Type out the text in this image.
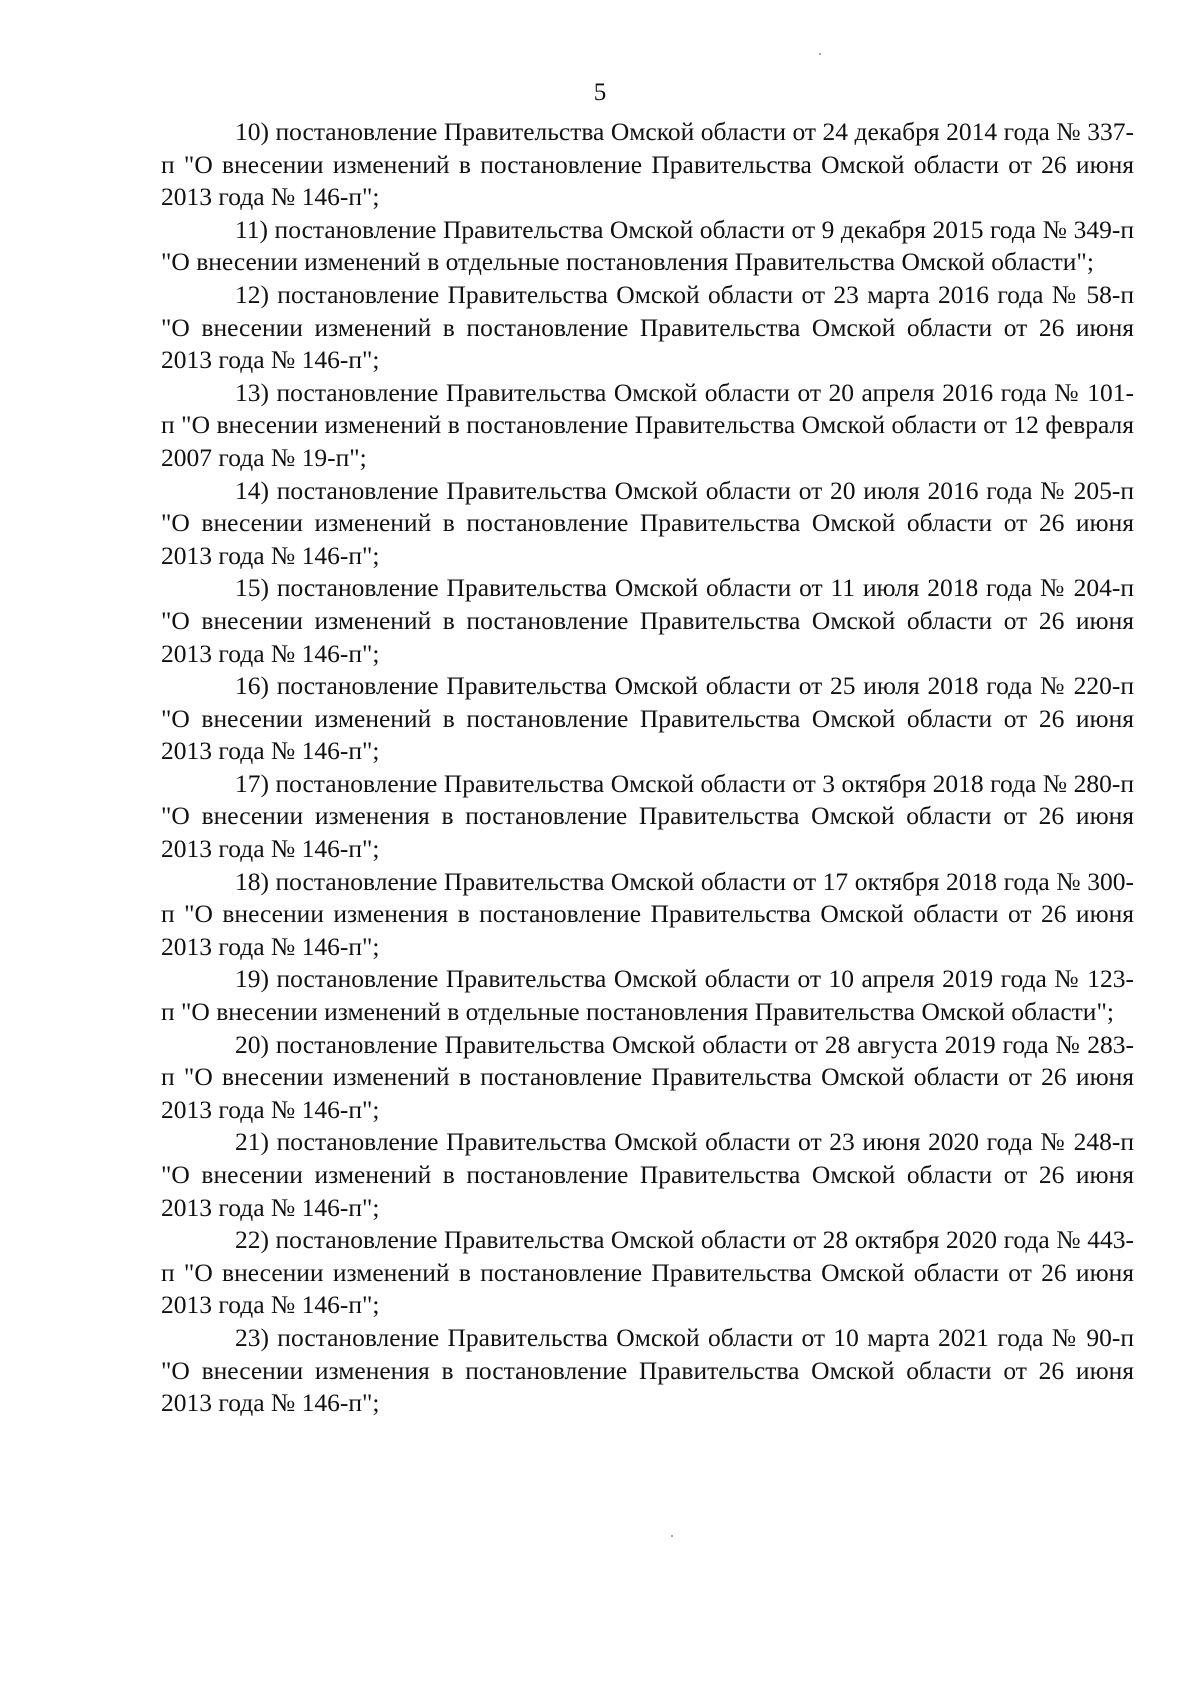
5

10) постановление Правительства Омской области от 24 декабря 2014 года № 337-п "О внесении изменений в постановление Правительства Омской области от 26 июня 2013 года № 146-п";

11) постановление Правительства Омской области от 9 декабря 2015 года № 349-п "О внесении изменений в отдельные постановления Правительства Омской области";

12) постановление Правительства Омской области от 23 марта 2016 года № 58-п "О внесении изменений в постановление Правительства Омской области от 26 июня 2013 года № 146-п";

13) постановление Правительства Омской области от 20 апреля 2016 года № 101-п "О внесении изменений в постановление Правительства Омской области от 12 февраля 2007 года № 19-п";

14) постановление Правительства Омской области от 20 июля 2016 года № 205-п "О внесении изменений в постановление Правительства Омской области от 26 июня 2013 года № 146-п";

15) постановление Правительства Омской области от 11 июля 2018 года № 204-п "О внесении изменений в постановление Правительства Омской области от 26 июня 2013 года № 146-п";

16) постановление Правительства Омской области от 25 июля 2018 года № 220-п "О внесении изменений в постановление Правительства Омской области от 26 июня 2013 года № 146-п";

17) постановление Правительства Омской области от 3 октября 2018 года № 280-п "О внесении изменения в постановление Правительства Омской области от 26 июня 2013 года № 146-п";

18) постановление Правительства Омской области от 17 октября 2018 года № 300-п "О внесении изменения в постановление Правительства Омской области от 26 июня 2013 года № 146-п";

19) постановление Правительства Омской области от 10 апреля 2019 года № 123-п "О внесении изменений в отдельные постановления Правительства Омской области";

20) постановление Правительства Омской области от 28 августа 2019 года № 283-п "О внесении изменений в постановление Правительства Омской области от 26 июня 2013 года № 146-п";

21) постановление Правительства Омской области от 23 июня 2020 года № 248-п "О внесении изменений в постановление Правительства Омской области от 26 июня 2013 года № 146-п";

22) постановление Правительства Омской области от 28 октября 2020 года № 443-п "О внесении изменений в постановление Правительства Омской области от 26 июня 2013 года № 146-п";

23) постановление Правительства Омской области от 10 марта 2021 года № 90-п "О внесении изменения в постановление Правительства Омской области от 26 июня 2013 года № 146-п";
